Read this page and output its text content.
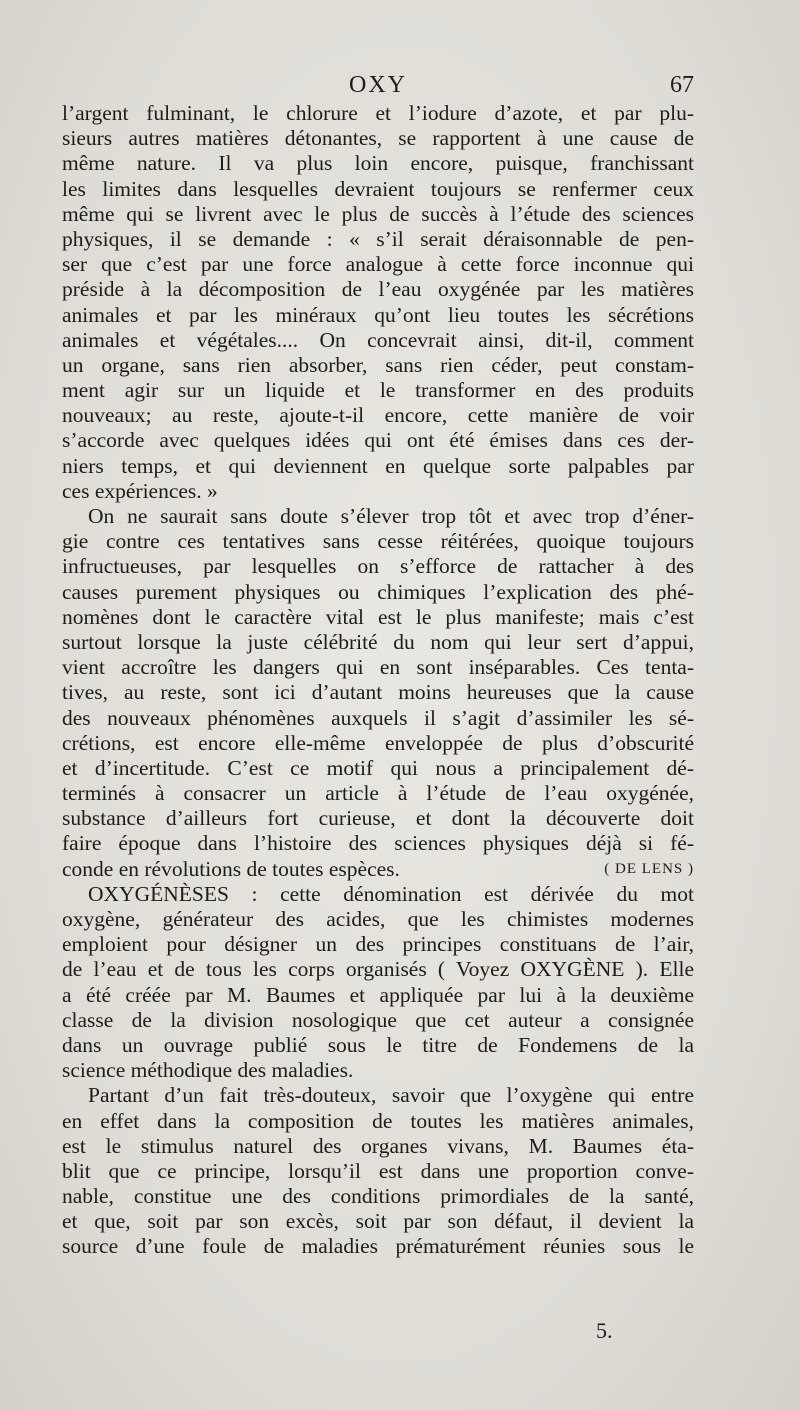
OXY	67
l’argent fulminant, le chlorure et l’iodure d’azote, et par plu-
sieurs autres matières détonantes, se rapportent à une cause de
même nature. Il va plus loin encore, puisque, franchissant
les limites dans lesquelles devraient toujours se renfermer ceux
même qui se livrent avec le plus de succès à l’étude des sciences
physiques, il se demande : « s’il serait déraisonnable de pen-
ser que c’est par une force analogue à cette force inconnue qui
préside à la décomposition de l’eau oxygénée par les matières
animales et par les minéraux qu’ont lieu toutes les sécrétions
animales et végétales.... On concevrait ainsi, dit-il, comment
un organe, sans rien absorber, sans rien céder, peut constam-
ment agir sur un liquide et le transformer en des produits
nouveaux; au reste, ajoute-t-il encore, cette manière de voir
s’accorde avec quelques idées qui ont été émises dans ces der-
niers temps, et qui deviennent en quelque sorte palpables par
ces expériences. »
On ne saurait sans doute s’élever trop tôt et avec trop d’éner-
gie contre ces tentatives sans cesse réitérées, quoique toujours
infructueuses, par lesquelles on s’efforce de rattacher à des
causes purement physiques ou chimiques l’explication des phé-
nomènes dont le caractère vital est le plus manifeste; mais c’est
surtout lorsque la juste célébrité du nom qui leur sert d’appui,
vient accroître les dangers qui en sont inséparables. Ces tenta-
tives, au reste, sont ici d’autant moins heureuses que la cause
des nouveaux phénomènes auxquels il s’agit d’assimiler les sé-
crétions, est encore elle-même enveloppée de plus d’obscurité
et d’incertitude. C’est ce motif qui nous a principalement dé-
terminés à consacrer un article à l’étude de l’eau oxygénée,
substance d’ailleurs fort curieuse, et dont la découverte doit
faire époque dans l’histoire des sciences physiques déjà si fé-
conde en révolutions de toutes espèces.	( DE LENS )
OXYGÉNÈSES : cette dénomination est dérivée du mot
oxygène, générateur des acides, que les chimistes modernes
emploient pour désigner un des principes constituans de l’air,
de l’eau et de tous les corps organisés ( Voyez OXYGÈNE ). Elle
a été créée par M. Baumes et appliquée par lui à la deuxième
classe de la division nosologique que cet auteur a consignée
dans un ouvrage publié sous le titre de Fondemens de la
science méthodique des maladies.
Partant d’un fait très-douteux, savoir que l’oxygène qui entre
en effet dans la composition de toutes les matières animales,
est le stimulus naturel des organes vivans, M. Baumes éta-
blit que ce principe, lorsqu’il est dans une proportion conve-
nable, constitue une des conditions primordiales de la santé,
et que, soit par son excès, soit par son défaut, il devient la
source d’une foule de maladies prématurément réunies sous le
5.
